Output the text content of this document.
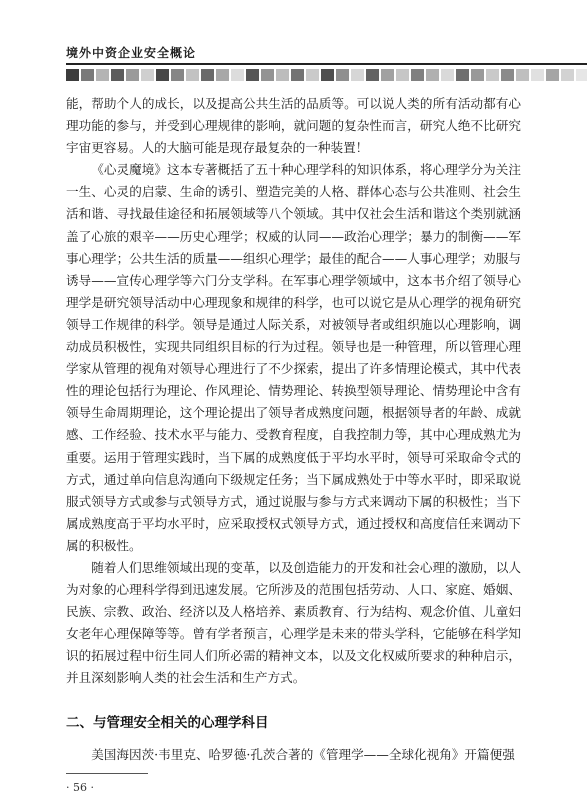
境外中资企业安全概论

能，帮助个人的成长，以及提高公共生活的品质等。可以说人类的所有活动都有心理功能的参与，并受到心理规律的影响，就问题的复杂性而言，研究人绝不比研究宇宙更容易。人的大脑可能是现存最复杂的一种装置！

《心灵魔境》这本专著概括了五十种心理学科的知识体系，将心理学分为关注一生、心灵的启蒙、生命的诱引、塑造完美的人格、群体心态与公共准则、社会生活和谐、寻找最佳途径和拓展领域等八个领域。其中仅社会生活和谐这个类别就涵盖了心旅的艰辛——历史心理学；权威的认同——政治心理学；暴力的制衡——军事心理学；公共生活的质量——组织心理学；最佳的配合——人事心理学；劝服与诱导——宣传心理学等六门分支学科。在军事心理学领域中，这本书介绍了领导心理学是研究领导活动中心理现象和规律的科学，也可以说它是从心理学的视角研究领导工作规律的科学。领导是通过人际关系，对被领导者或组织施以心理影响，调动成员积极性，实现共同组织目标的行为过程。领导也是一种管理，所以管理心理学家从管理的视角对领导心理进行了不少探索，提出了许多情理论模式，其中代表性的理论包括行为理论、作风理论、情势理论、转换型领导理论、情势理论中含有领导生命周期理论，这个理论提出了领导者成熟度问题，根据领导者的年龄、成就感、工作经验、技术水平与能力、受教育程度，自我控制力等，其中心理成熟尤为重要。运用于管理实践时，当下属的成熟度低于平均水平时，领导可采取命令式的方式，通过单向信息沟通向下级规定任务；当下属成熟处于中等水平时，即采取说服式领导方式或参与式领导方式，通过说服与参与方式来调动下属的积极性；当下属成熟度高于平均水平时，应采取授权式领导方式，通过授权和高度信任来调动下属的积极性。

随着人们思维领域出现的变革，以及创造能力的开发和社会心理的激励，以人为对象的心理科学得到迅速发展。它所涉及的范围包括劳动、人口、家庭、婚姻、民族、宗教、政治、经济以及人格培养、素质教育、行为结构、观念价值、儿童妇女老年心理保障等等。曾有学者预言，心理学是未来的带头学科，它能够在科学知识的拓展过程中衍生同人们所必需的精神文本，以及文化权威所要求的种种启示，并且深刻影响人类的社会生活和生产方式。

二、与管理安全相关的心理学科目
美国海因茨·韦里克、哈罗德·孔茨合著的《管理学——全球化视角》开篇便强
· 56 ·
